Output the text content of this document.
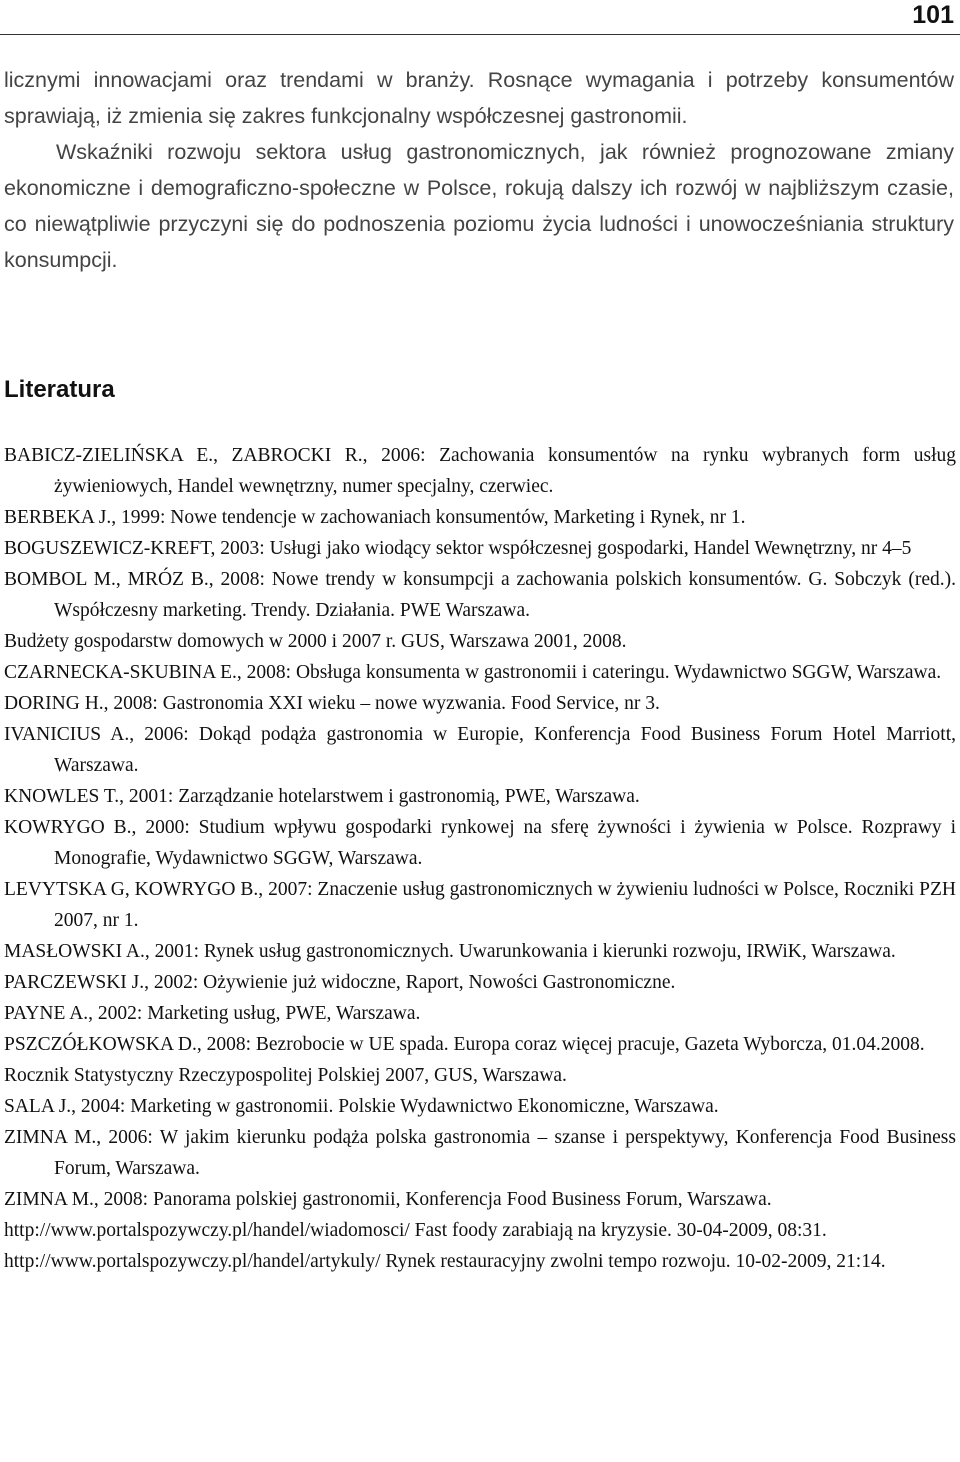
101

licznymi innowacjami oraz trendami w branży. Rosnące wymagania i potrzeby konsumentów sprawiają, iż zmienia się zakres funkcjonalny współczesnej gastronomii.

Wskaźniki rozwoju sektora usług gastronomicznych, jak również prognozowane zmiany ekonomiczne i demograficzno-społeczne w Polsce, rokują dalszy ich rozwój w najbliższym czasie, co niewątpliwie przyczyni się do podnoszenia poziomu życia ludności i unowocześniania struktury konsumpcji.

Literatura
BABICZ-ZIELIŃSKA E., ZABROCKI R., 2006: Zachowania konsumentów na rynku wybranych form usług żywieniowych, Handel wewnętrzny, numer specjalny, czerwiec.
BERBEKA J., 1999: Nowe tendencje w zachowaniach konsumentów, Marketing i Rynek, nr 1.
BOGUSZEWICZ-KREFT, 2003: Usługi jako wiodący sektor współczesnej gospodarki, Handel Wewnętrzny, nr 4–5
BOMBOL M., MRÓZ B., 2008: Nowe trendy w konsumpcji a zachowania polskich konsumentów. G. Sobczyk (red.). Współczesny marketing. Trendy. Działania. PWE Warszawa.
Budżety gospodarstw domowych w 2000 i 2007 r. GUS, Warszawa 2001, 2008.
CZARNECKA-SKUBINA E., 2008: Obsługa konsumenta w gastronomii i cateringu. Wydawnictwo SGGW, Warszawa.
DORING H., 2008: Gastronomia XXI wieku – nowe wyzwania. Food Service, nr 3.
IVANICIUS A., 2006: Dokąd podąża gastronomia w Europie, Konferencja Food Business Forum Hotel Marriott, Warszawa.
KNOWLES T., 2001: Zarządzanie hotelarstwem i gastronomią, PWE, Warszawa.
KOWRYGO B., 2000: Studium wpływu gospodarki rynkowej na sferę żywności i żywienia w Polsce. Rozprawy i Monografie, Wydawnictwo SGGW, Warszawa.
LEVYTSKA G, KOWRYGO B., 2007: Znaczenie usług gastronomicznych w żywieniu ludności w Polsce, Roczniki PZH 2007, nr 1.
MASŁOWSKI A., 2001: Rynek usług gastronomicznych. Uwarunkowania i kierunki rozwoju, IRWiK, Warszawa.
PARCZEWSKI J., 2002: Ożywienie już widoczne, Raport, Nowości Gastronomiczne.
PAYNE A., 2002: Marketing usług, PWE, Warszawa.
PSZCZÓŁKOWSKA D., 2008: Bezrobocie w UE spada. Europa coraz więcej pracuje, Gazeta Wyborcza, 01.04.2008.
Rocznik Statystyczny Rzeczypospolitej Polskiej 2007, GUS, Warszawa.
SALA J., 2004: Marketing w gastronomii. Polskie Wydawnictwo Ekonomiczne, Warszawa.
ZIMNA M., 2006: W jakim kierunku podąża polska gastronomia – szanse i perspektywy, Konferencja Food Business Forum, Warszawa.
ZIMNA M., 2008: Panorama polskiej gastronomii, Konferencja Food Business Forum, Warszawa.
http://www.portalspozywczy.pl/handel/wiadomosci/ Fast foody zarabiają na kryzysie. 30-04-2009, 08:31.
http://www.portalspozywczy.pl/handel/artykuly/ Rynek restauracyjny zwolni tempo rozwoju. 10-02-2009, 21:14.
